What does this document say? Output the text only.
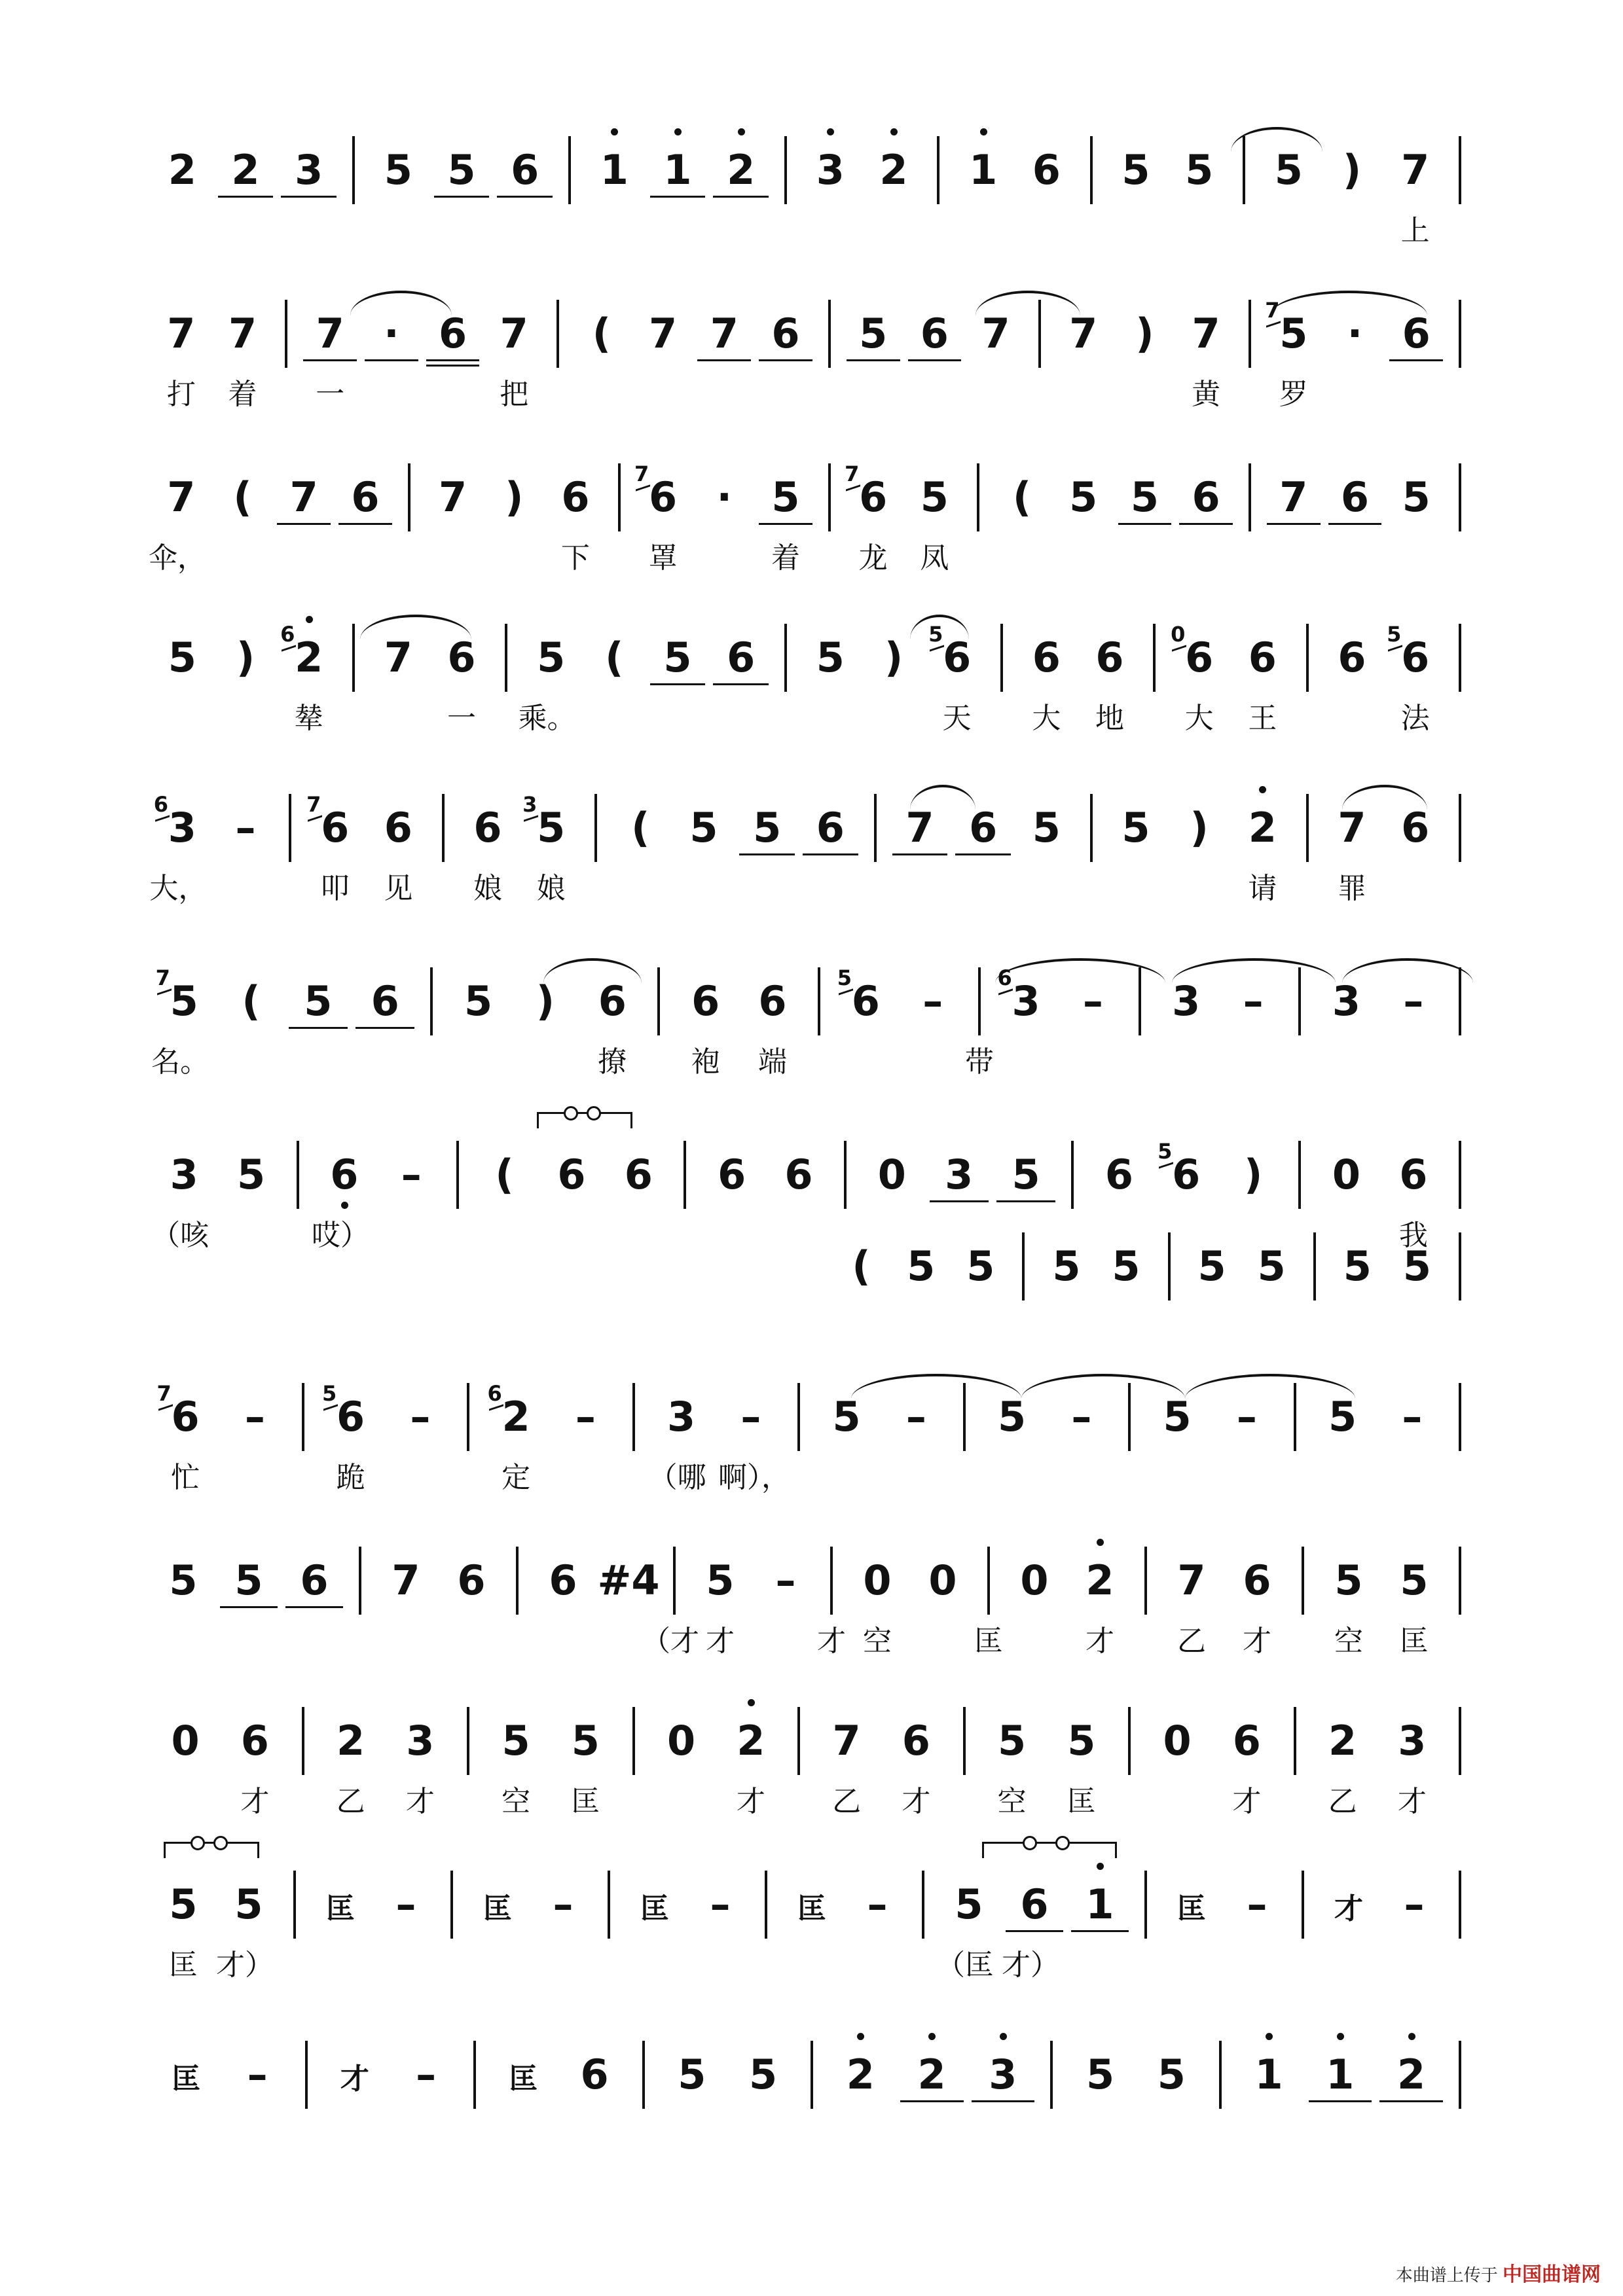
2 2 3	5 5 6	1 1 2	3 2	1 6	5 5	5 ) 7
上
7 7	7 · 6 7	( 7 7 6	5 6 7	7 ) 7	5
7	· 6
打	着	一	把	黄	罗
7 ( 7 6	7 ) 6	6
7	· 5	6
7	5	( 5 5 6	7 6 5
伞，	下	罩	着	龙	凤
5 ) 2
6	7 6	5 ( 5 6	5 ) 6
5	6 6	6
0	6	6 6
5
辇	一	乘。	天	大	地	大	王	法
3
6	–	6
7	6	6 5
3	( 5 5 6	7 6 5	5 ) 2	7 6
大，	叩	见	娘	娘	请	罪
5
7	(	5 6	5	)	6	6 6	6
5	–	3
6	–	3	–	3	–
名。	撩	袍	端	带
3 5	6	–	(	6 6	6 6	0 3 5	6 6
5	)	0 6
（咳	哎）	我
( 5 5	5 5	5 5	5 5
6
7	–	6
5	–	2
6	–	3	–	5	–	5	–	5	–	5	–
忙	跪	定	（哪 啊），
5 5 6	7 6	6 #4	5	–	0 0	0 2	7 6	5 5
（才 才	才 空	匡	才	乙	才	空	匡
0	6	2	3	5	5	0	2	7	6	5	5	0	6	2	3
才	乙	才	空	匡	才	乙	才	空	匡	才	乙	才
5 5	匡	–	匡	–	匡	–	匡	–	5 6 1	匡	–	才	–
匡 才）	（匡 才）
匡	–	才	–	匡	6	5	5	2	2	3	5	5	1	1	2
本曲谱上传于 中国曲谱网
